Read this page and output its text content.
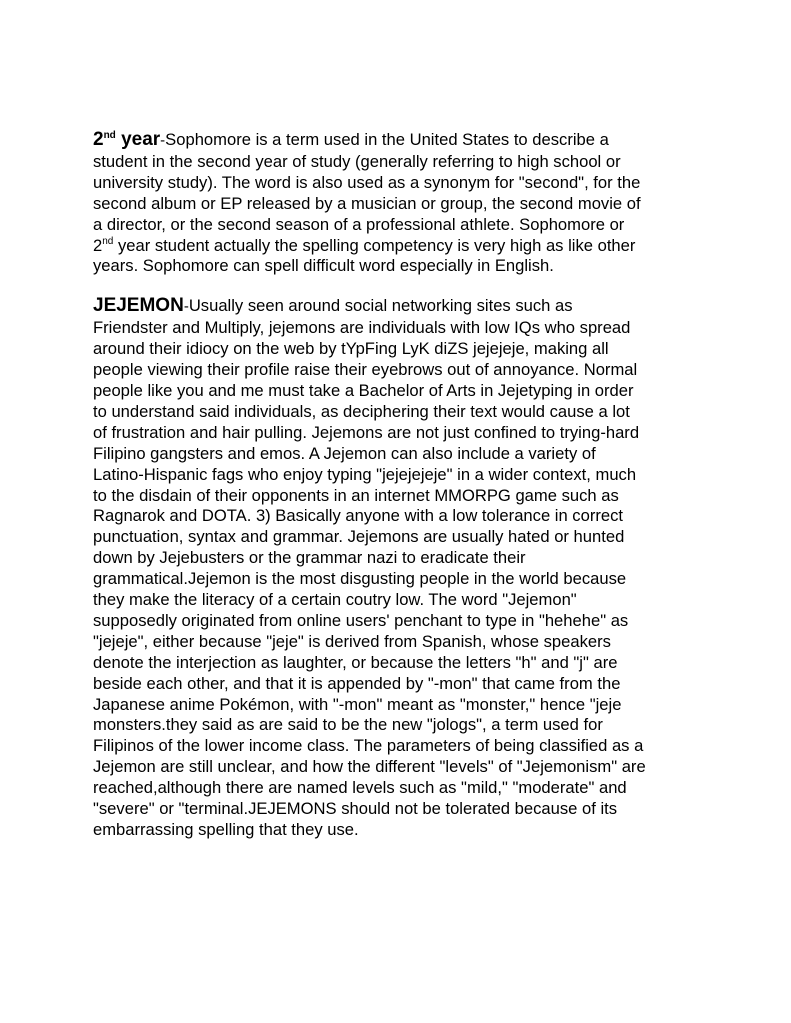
2nd year-Sophomore is a term used in the United States to describe a
student in the second year of study (generally referring to high school or
university study). The word is also used as a synonym for "second", for the
second album or EP released by a musician or group, the second movie of
a director, or the second season of a professional athlete. Sophomore or
2nd year student actually the spelling competency is very high as like other
years. Sophomore can spell difficult word especially in English.

JEJEMON-Usually seen around social networking sites such as
Friendster and Multiply, jejemons are individuals with low IQs who spread
around their idiocy on the web by tYpFing LyK diZS jejejeje, making all
people viewing their profile raise their eyebrows out of annoyance. Normal
people like you and me must take a Bachelor of Arts in Jejetyping in order
to understand said individuals, as deciphering their text would cause a lot
of frustration and hair pulling. Jejemons are not just confined to trying-hard
Filipino gangsters and emos. A Jejemon can also include a variety of
Latino-Hispanic fags who enjoy typing "jejejejeje" in a wider context, much
to the disdain of their opponents in an internet MMORPG game such as
Ragnarok and DOTA. 3) Basically anyone with a low tolerance in correct
punctuation, syntax and grammar. Jejemons are usually hated or hunted
down by Jejebusters or the grammar nazi to eradicate their
grammatical.Jejemon is the most disgusting people in the world because
they make the literacy of a certain coutry low. The word "Jejemon"
supposedly originated from online users' penchant to type in "hehehe" as
"jejeje", either because "jeje" is derived from Spanish, whose speakers
denote the interjection as laughter, or because the letters "h" and "j" are
beside each other, and that it is appended by "-mon" that came from the
Japanese anime Pokémon, with "-mon" meant as "monster," hence "jeje
monsters.they said as are said to be the new "jologs", a term used for
Filipinos of the lower income class. The parameters of being classified as a
Jejemon are still unclear, and how the different "levels" of "Jejemonism" are
reached,although there are named levels such as "mild," "moderate" and
"severe" or "terminal.JEJEMONS should not be tolerated because of its
embarrassing spelling that they use.
